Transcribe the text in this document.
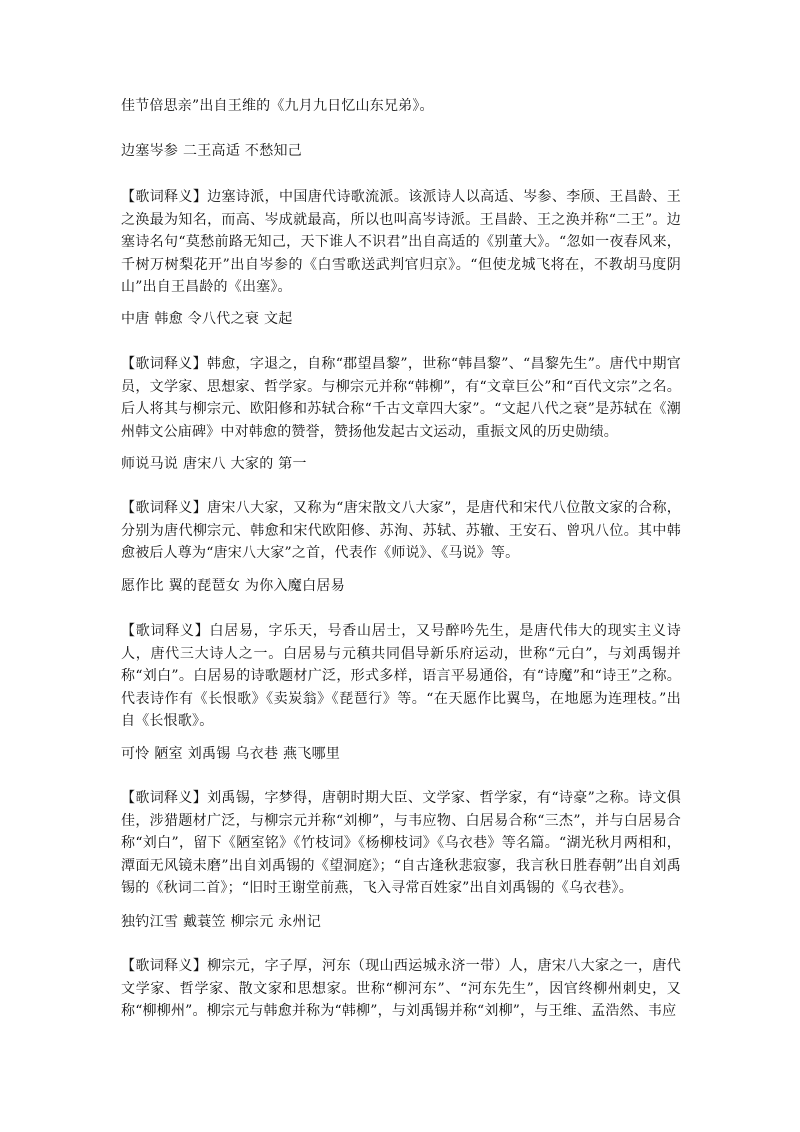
佳节倍思亲”出自王维的《九月九日忆山东兄弟》。

边塞岑参 二王高适 不愁知己

【歌词释义】边塞诗派，中国唐代诗歌流派。该派诗人以高适、岑参、李颀、王昌龄、王之涣最为知名，而高、岑成就最高，所以也叫高岑诗派。王昌龄、王之涣并称“二王”。边塞诗名句“莫愁前路无知己，天下谁人不识君”出自高适的《别董大》。“忽如一夜春风来，千树万树梨花开”出自岑参的《白雪歌送武判官归京》。“但使龙城飞将在，不教胡马度阴山”出自王昌龄的《出塞》。

中唐 韩愈 令八代之衰 文起

【歌词释义】韩愈，字退之，自称“郡望昌黎”，世称“韩昌黎”、“昌黎先生”。唐代中期官员，文学家、思想家、哲学家。与柳宗元并称“韩柳”，有“文章巨公”和“百代文宗”之名。后人将其与柳宗元、欧阳修和苏轼合称“千古文章四大家”。“文起八代之衰”是苏轼在《潮州韩文公庙碑》中对韩愈的赞誉，赞扬他发起古文运动，重振文风的历史勋绩。

师说马说 唐宋八 大家的 第一

【歌词释义】唐宋八大家，又称为“唐宋散文八大家”，是唐代和宋代八位散文家的合称，分别为唐代柳宗元、韩愈和宋代欧阳修、苏洵、苏轼、苏辙、王安石、曾巩八位。其中韩愈被后人尊为“唐宋八大家”之首，代表作《师说》、《马说》等。

愿作比 翼的琵琶女 为你入魔白居易

【歌词释义】白居易，字乐天，号香山居士，又号醉吟先生，是唐代伟大的现实主义诗人，唐代三大诗人之一。白居易与元稹共同倡导新乐府运动，世称“元白”，与刘禹锡并称“刘白”。白居易的诗歌题材广泛，形式多样，语言平易通俗，有“诗魔”和“诗王”之称。代表诗作有《长恨歌》《卖炭翁》《琵琶行》等。“在天愿作比翼鸟，在地愿为连理枝。”出自《长恨歌》。

可怜 陋室 刘禹锡 乌衣巷 燕飞哪里

【歌词释义】刘禹锡，字梦得，唐朝时期大臣、文学家、哲学家，有“诗豪”之称。诗文俱佳，涉猎题材广泛，与柳宗元并称“刘柳”，与韦应物、白居易合称“三杰”，并与白居易合称“刘白”，留下《陋室铭》《竹枝词》《杨柳枝词》《乌衣巷》等名篇。“湖光秋月两相和，潭面无风镜未磨”出自刘禹锡的《望洞庭》；“自古逢秋悲寂寥，我言秋日胜春朝”出自刘禹锡的《秋词二首》；“旧时王谢堂前燕，飞入寻常百姓家”出自刘禹锡的《乌衣巷》。

独钓江雪 戴蓑笠 柳宗元 永州记

【歌词释义】柳宗元，字子厚，河东（现山西运城永济一带）人，唐宋八大家之一，唐代文学家、哲学家、散文家和思想家。世称“柳河东”、“河东先生”，因官终柳州刺史，又称“柳柳州”。柳宗元与韩愈并称为“韩柳”，与刘禹锡并称“刘柳”，与王维、孟浩然、韦应
